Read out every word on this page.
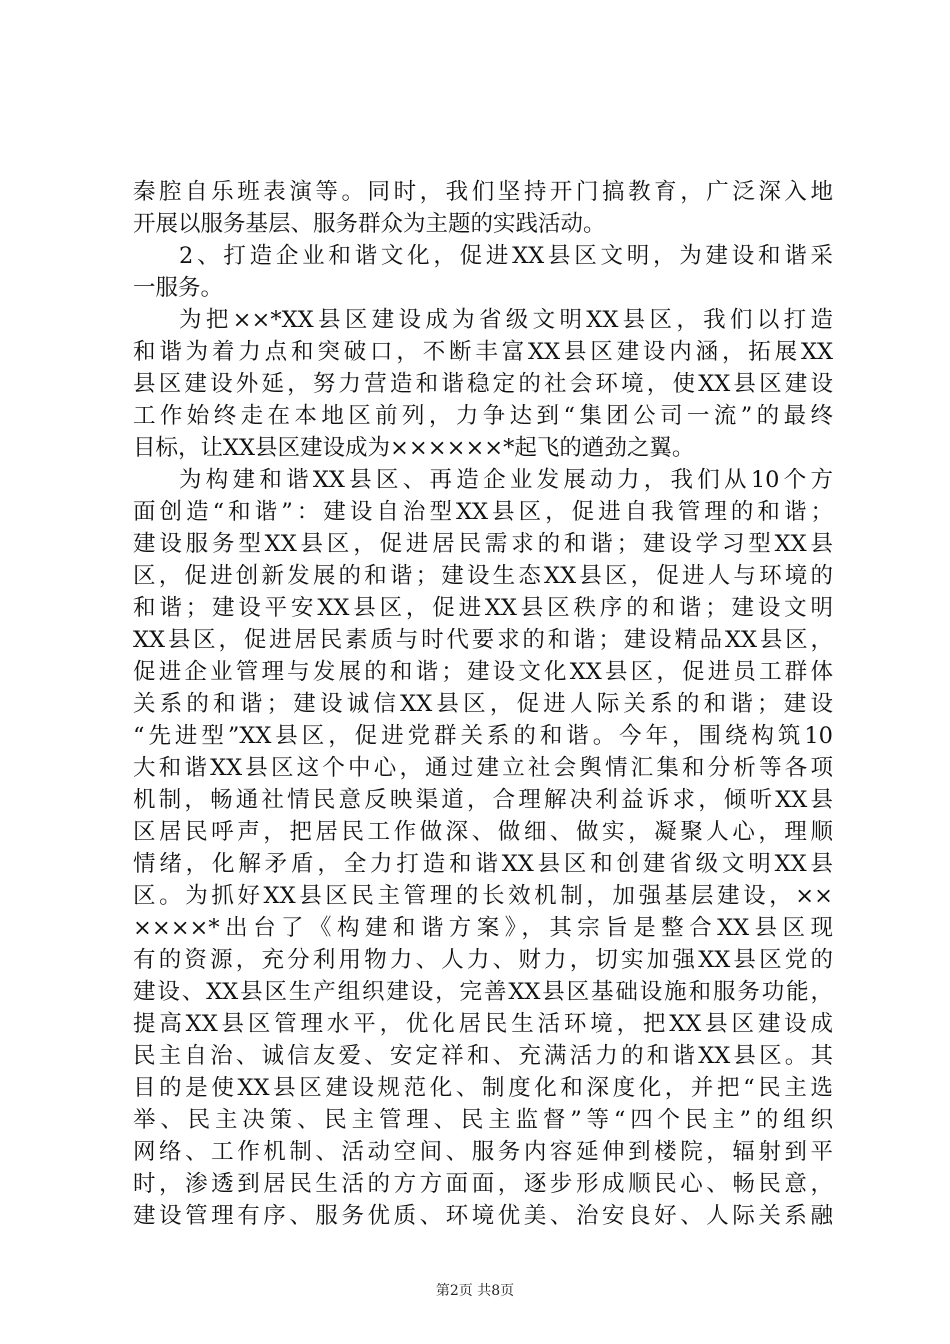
秦腔自乐班表演等。同时，我们坚持开门搞教育，广泛深入地
开展以服务基层、服务群众为主题的实践活动。
2、打造企业和谐文化，促进XX县区文明，为建设和谐采
一服务。
为把××*XX县区建设成为省级文明XX县区，我们以打造
和谐为着力点和突破口，不断丰富XX县区建设内涵，拓展XX
县区建设外延，努力营造和谐稳定的社会环境，使XX县区建设
工作始终走在本地区前列，力争达到“集团公司一流”的最终
目标，让XX县区建设成为××××××*起飞的遒劲之翼。
为构建和谐XX县区、再造企业发展动力，我们从10个方
面创造“和谐”：建设自治型XX县区，促进自我管理的和谐；
建设服务型XX县区，促进居民需求的和谐；建设学习型XX县
区，促进创新发展的和谐；建设生态XX县区，促进人与环境的
和谐；建设平安XX县区，促进XX县区秩序的和谐；建设文明
XX县区，促进居民素质与时代要求的和谐；建设精品XX县区，
促进企业管理与发展的和谐；建设文化XX县区，促进员工群体
关系的和谐；建设诚信XX县区，促进人际关系的和谐；建设
“先进型”XX县区，促进党群关系的和谐。今年，围绕构筑10
大和谐XX县区这个中心，通过建立社会舆情汇集和分析等各项
机制，畅通社情民意反映渠道，合理解决利益诉求，倾听XX县
区居民呼声，把居民工作做深、做细、做实，凝聚人心，理顺
情绪，化解矛盾，全力打造和谐XX县区和创建省级文明XX县
区。为抓好XX县区民主管理的长效机制，加强基层建设，××
××××*出台了《构建和谐方案》，其宗旨是整合XX县区现
有的资源，充分利用物力、人力、财力，切实加强XX县区党的
建设、XX县区生产组织建设，完善XX县区基础设施和服务功能，
提高XX县区管理水平，优化居民生活环境，把XX县区建设成
民主自治、诚信友爱、安定祥和、充满活力的和谐XX县区。其
目的是使XX县区建设规范化、制度化和深度化，并把“民主选
举、民主决策、民主管理、民主监督”等“四个民主”的组织
网络、工作机制、活动空间、服务内容延伸到楼院，辐射到平
时，渗透到居民生活的方方面面，逐步形成顺民心、畅民意，
建设管理有序、服务优质、环境优美、治安良好、人际关系融
第2页 共8页
